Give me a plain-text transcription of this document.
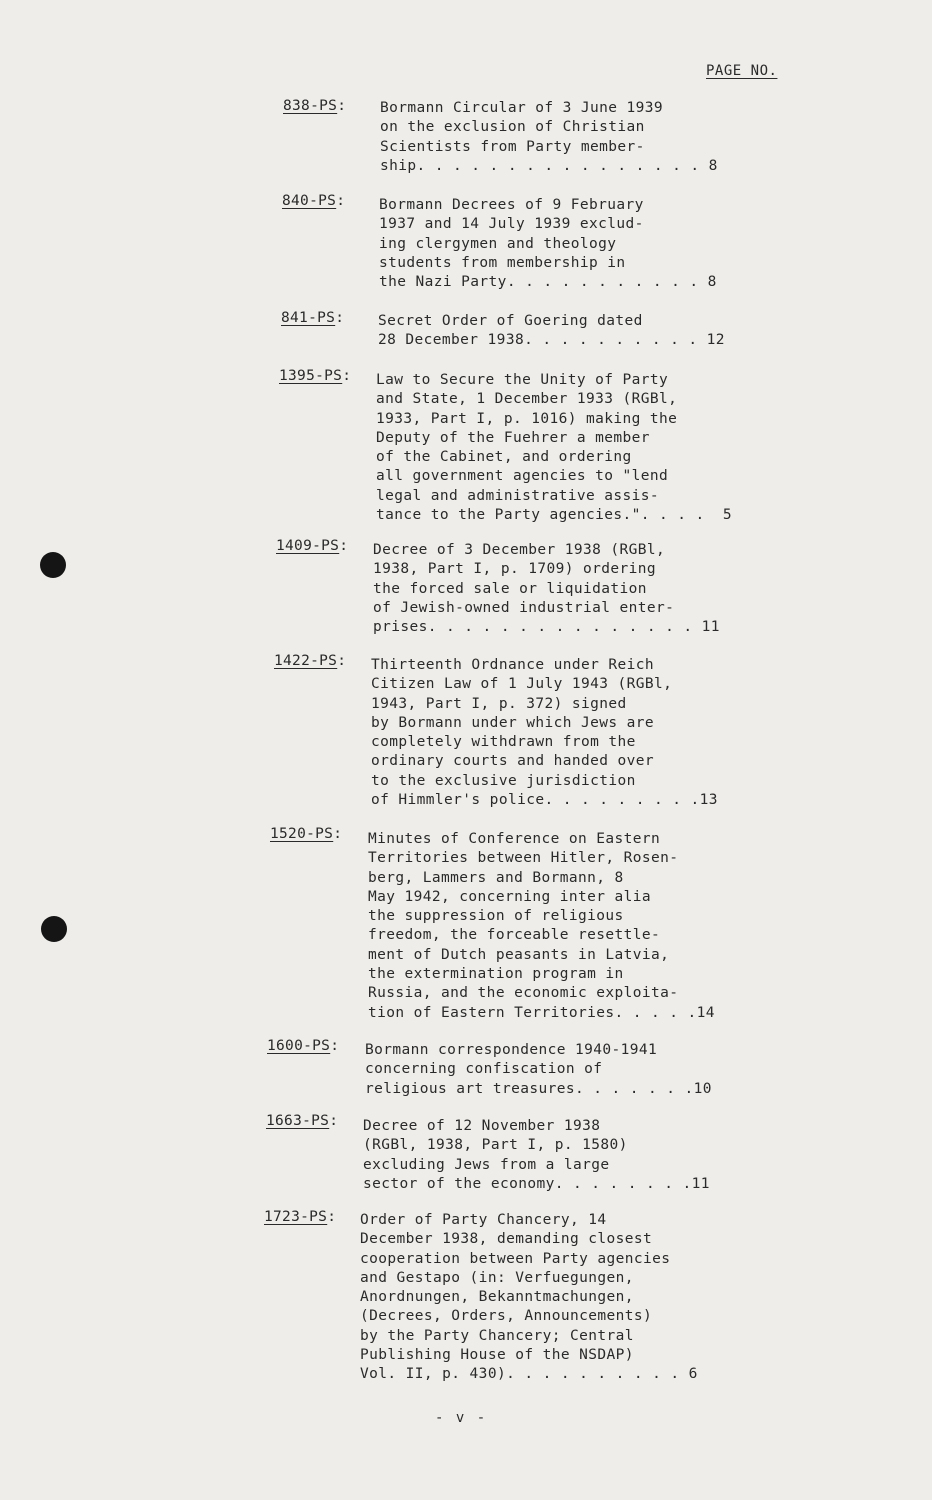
PAGE NO.
838-PS: Bormann Circular of 3 June 1939
on the exclusion of Christian
Scientists from Party member-
ship. . . . . . . . . . . . . . . . 8
840-PS: Bormann Decrees of 9 February
1937 and 14 July 1939 exclud-
ing clergymen and theology
students from membership in
the Nazi Party. . . . . . . . . . . 8
841-PS: Secret Order of Goering dated
28 December 1938. . . . . . . . . . 12
1395-PS: Law to Secure the Unity of Party
and State, 1 December 1933 (RGBl,
1933, Part I, p. 1016) making the
Deputy of the Fuehrer a member
of the Cabinet, and ordering
all government agencies to "lend
legal and administrative assis-
tance to the Party agencies.". . . .  5
1409-PS: Decree of 3 December 1938 (RGBl,
1938, Part I, p. 1709) ordering
the forced sale or liquidation
of Jewish-owned industrial enter-
prises. . . . . . . . . . . . . . . 11
1422-PS: Thirteenth Ordnance under Reich
Citizen Law of 1 July 1943 (RGBl,
1943, Part I, p. 372) signed
by Bormann under which Jews are
completely withdrawn from the
ordinary courts and handed over
to the exclusive jurisdiction
of Himmler's police. . . . . . . . .13
1520-PS: Minutes of Conference on Eastern
Territories between Hitler, Rosen-
berg, Lammers and Bormann, 8
May 1942, concerning inter alia
the suppression of religious
freedom, the forceable resettle-
ment of Dutch peasants in Latvia,
the extermination program in
Russia, and the economic exploita-
tion of Eastern Territories. . . . .14
1600-PS: Bormann correspondence 1940-1941
concerning confiscation of
religious art treasures. . . . . . .10
1663-PS: Decree of 12 November 1938
(RGBl, 1938, Part I, p. 1580)
excluding Jews from a large
sector of the economy. . . . . . . .11
1723-PS: Order of Party Chancery, 14
December 1938, demanding closest
cooperation between Party agencies
and Gestapo (in: Verfuegungen,
Anordnungen, Bekanntmachungen,
(Decrees, Orders, Announcements)
by the Party Chancery; Central
Publishing House of the NSDAP)
Vol. II, p. 430). . . . . . . . . . 6
- v -
